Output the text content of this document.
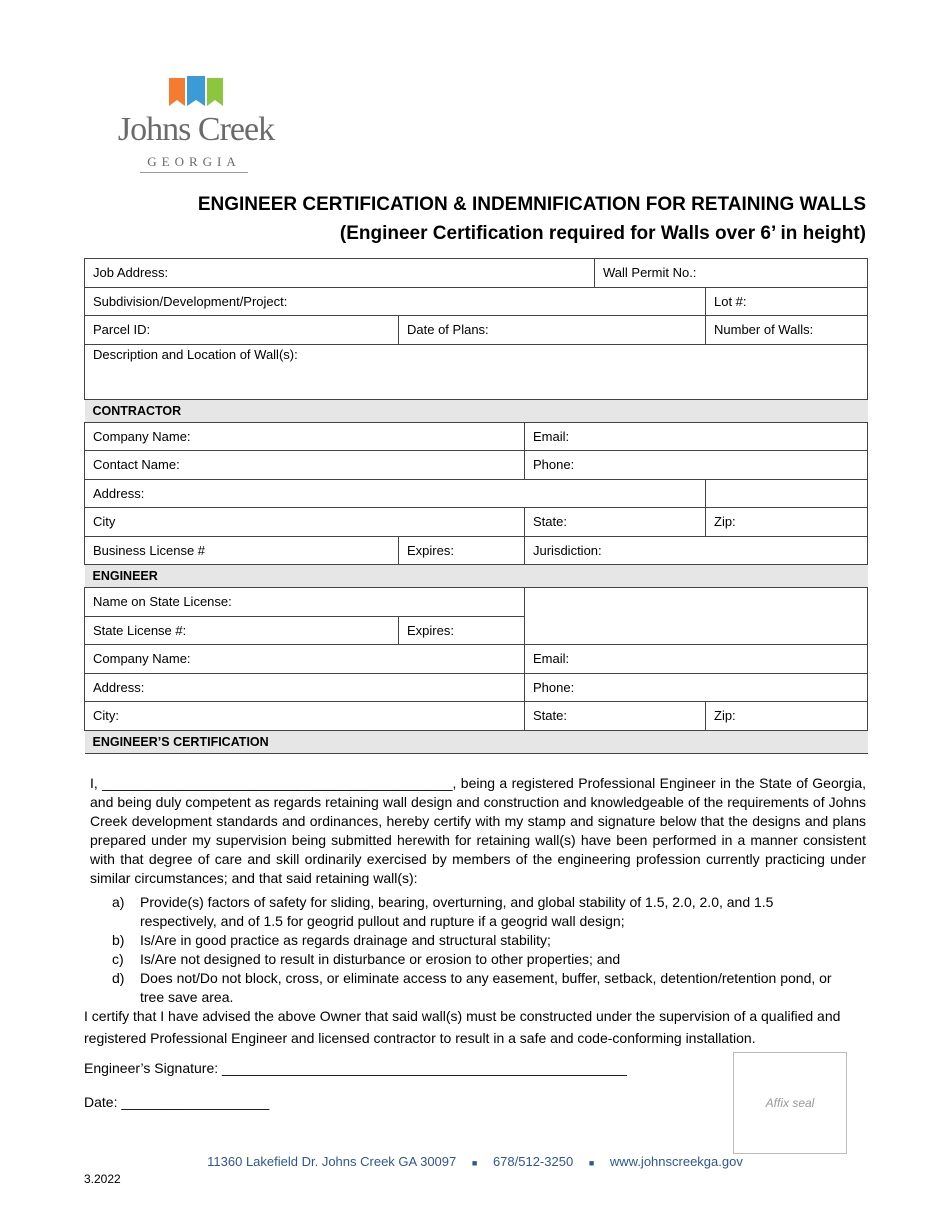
Johns Creek
GEORGIA
ENGINEER CERTIFICATION & INDEMNIFICATION FOR RETAINING WALLS
(Engineer Certification required for Walls over 6’ in height)
Job Address:			Wall Permit No.:	
Subdivision/Development/Project:				Lot #:
Parcel ID:	Date of Plans:			Number of Walls:
Description and Location of Wall(s):				
CONTRACTOR				
Company Name:		Email:		
Contact Name:		Phone:		
Address:				
City		State:		Zip:
Business License #	Expires:	Jurisdiction:		
ENGINEER				
Name on State License:				
State License #:	Expires:			
Company Name:		Email:		
Address:		Phone:		
City:		State:		Zip:
ENGINEER’S CERTIFICATION				
I, _____________________________________________, being a registered Professional Engineer in the State of Georgia, and being duly competent as regards retaining wall design and construction and knowledgeable of the requirements of Johns Creek development standards and ordinances, hereby certify with my stamp and signature below that the designs and plans prepared under my supervision being submitted herewith for retaining wall(s) have been performed in a manner consistent with that degree of care and skill ordinarily exercised by members of the engineering profession currently practicing under similar circumstances; and that said retaining wall(s):
a)	Provide(s) factors of safety for sliding, bearing, overturning, and global stability of 1.5, 2.0, 2.0, and 1.5 respectively, and of 1.5 for geogrid pullout and rupture if a geogrid wall design;
b)	Is/Are in good practice as regards drainage and structural stability;
c)	Is/Are not designed to result in disturbance or erosion to other properties; and
d)	Does not/Do not block, cross, or eliminate access to any easement, buffer, setback, detention/retention pond, or tree save area.
I certify that I have advised the above Owner that said wall(s) must be constructed under the supervision of a qualified and registered Professional Engineer and licensed contractor to result in a safe and code-conforming installation.
Engineer’s Signature: ____________________________________________________
Date: ___________________	Affix seal
11360 Lakefield Dr. Johns Creek GA 30097 ■ 678/512-3250 ■ www.johnscreekga.gov
3.2022
